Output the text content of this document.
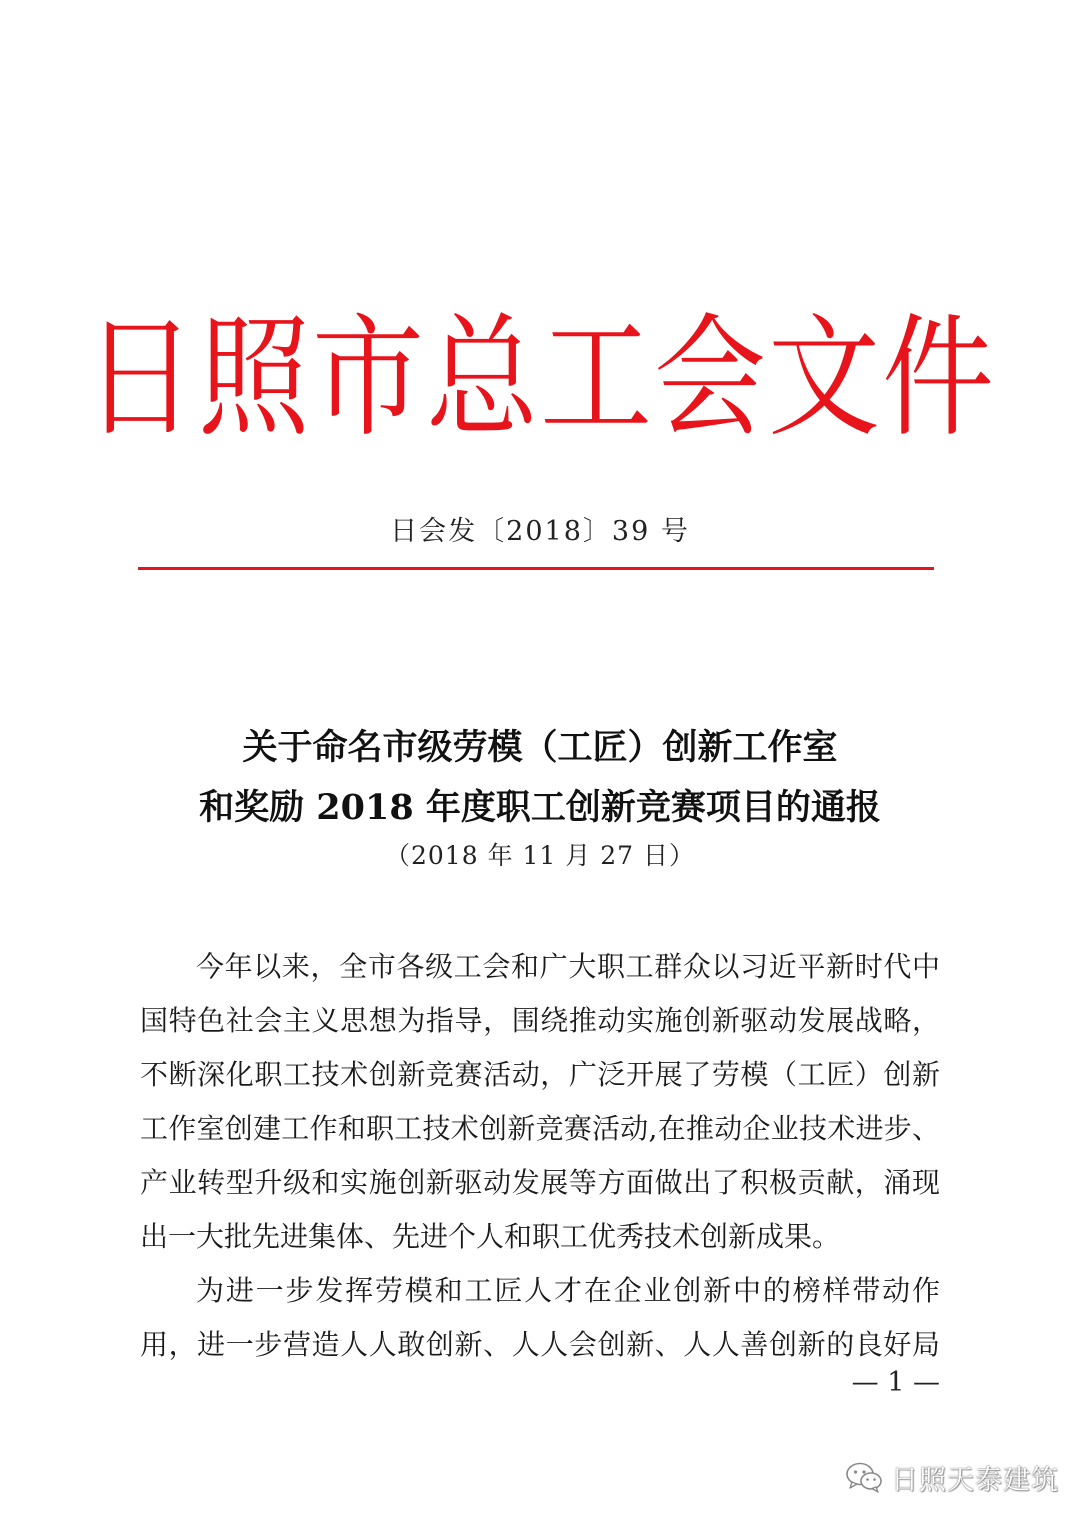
日照市总工会文件
日会发〔2018〕39 号
关于命名市级劳模（工匠）创新工作室
和奖励 2018 年度职工创新竞赛项目的通报
（2018 年 11 月 27 日）
今年以来，全市各级工会和广大职工群众以习近平新时代中
国特色社会主义思想为指导，围绕推动实施创新驱动发展战略，
不断深化职工技术创新竞赛活动，广泛开展了劳模（工匠）创新
工作室创建工作和职工技术创新竞赛活动,在推动企业技术进步、
产业转型升级和实施创新驱动发展等方面做出了积极贡献，涌现
出一大批先进集体、先进个人和职工优秀技术创新成果。
为进一步发挥劳模和工匠人才在企业创新中的榜样带动作
用，进一步营造人人敢创新、人人会创新、人人善创新的良好局
— 1 —
日照天泰建筑
